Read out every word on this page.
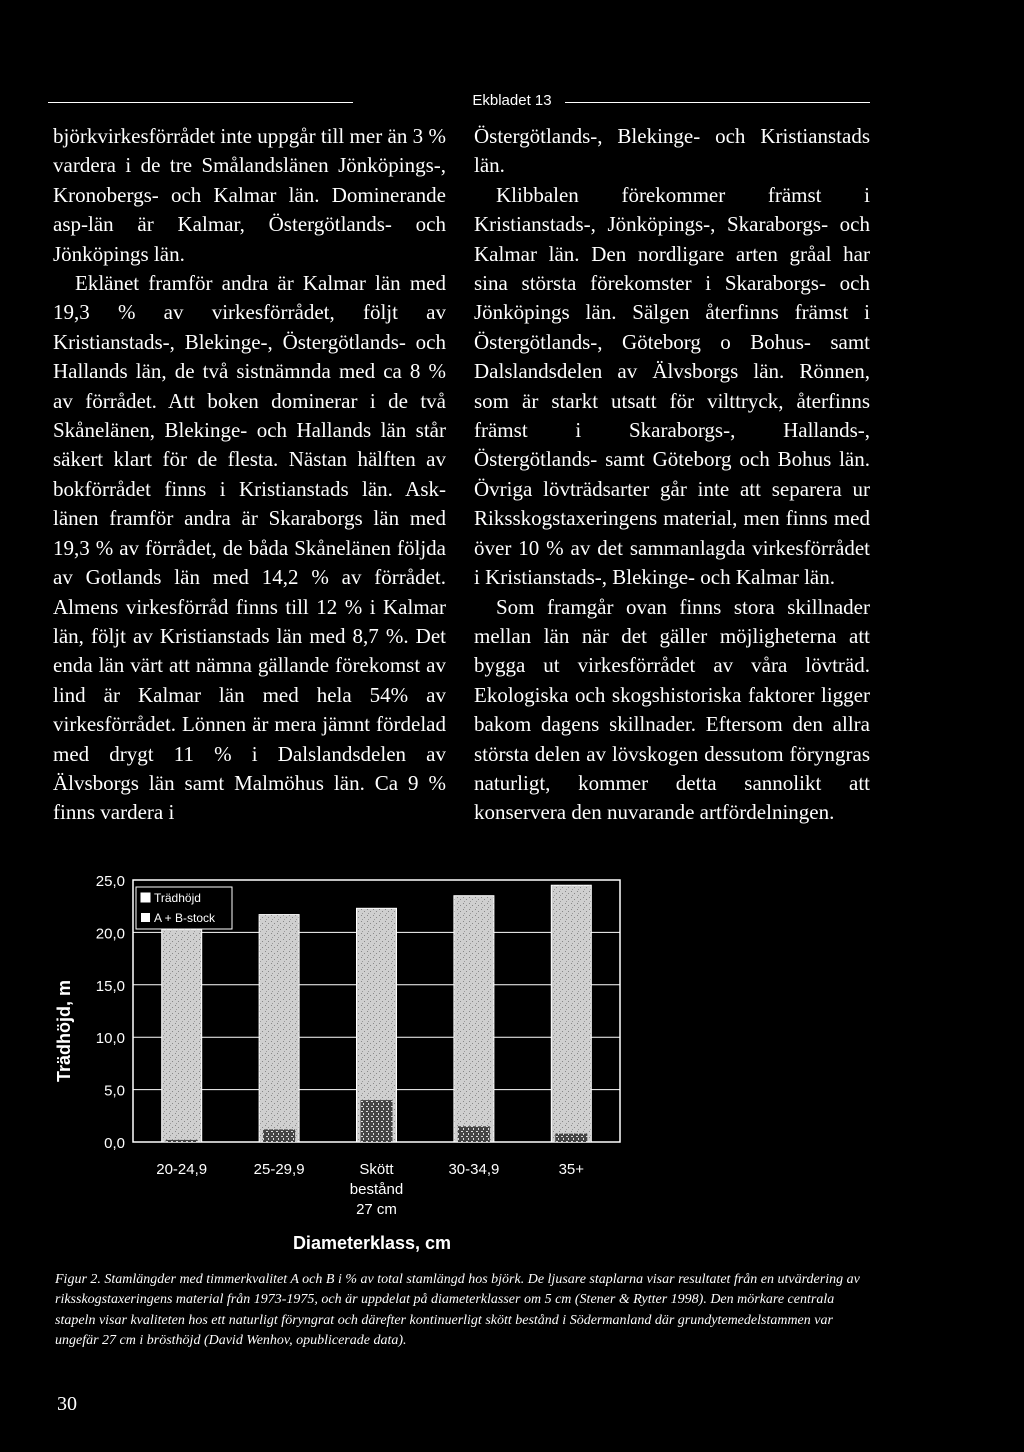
Ekbladet 13

björkvirkesförrådet inte uppgår till mer än 3 % vardera i de tre Smålandslänen Jönköpings-, Kronobergs- och Kalmar län. Dominerande asp-län är Kalmar, Östergötlands- och Jönköpings län.

Eklänet framför andra är Kalmar län med 19,3 % av virkesförrådet, följt av Kristianstads-, Blekinge-, Östergötlands- och Hallands län, de två sistnämnda med ca 8 % av förrådet. Att boken dominerar i de två Skånelänen, Blekinge- och Hallands län står säkert klart för de flesta. Nästan hälften av bokförrådet finns i Kristianstads län. Ask-länen framför andra är Skaraborgs län med 19,3 % av förrådet, de båda Skånelänen följda av Gotlands län med 14,2 % av förrådet. Almens virkesförråd finns till 12 % i Kalmar län, följt av Kristianstads län med 8,7 %. Det enda län värt att nämna gällande förekomst av lind är Kalmar län med hela 54% av virkesförrådet. Lönnen är mera jämnt fördelad med drygt 11 % i Dalslandsdelen av Älvsborgs län samt Malmöhus län. Ca 9 % finns vardera i

Östergötlands-, Blekinge- och Kristianstads län.

Klibbalen förekommer främst i Kristianstads-, Jönköpings-, Skaraborgs- och Kalmar län. Den nordligare arten gråal har sina största förekomster i Skaraborgs- och Jönköpings län. Sälgen återfinns främst i Östergötlands-, Göteborg o Bohus- samt Dalslandsdelen av Älvsborgs län. Rönnen, som är starkt utsatt för vilttryck, återfinns främst i Skaraborgs-, Hallands-, Östergötlands- samt Göteborg och Bohus län. Övriga lövträdsarter går inte att separera ur Riksskogstaxeringens material, men finns med över 10 % av det sammanlagda virkesförrådet i Kristianstads-, Blekinge- och Kalmar län.

Som framgår ovan finns stora skillnader mellan län när det gäller möjligheterna att bygga ut virkesförrådet av våra lövträd. Ekologiska och skogshistoriska faktorer ligger bakom dagens skillnader. Eftersom den allra största delen av lövskogen dessutom föryngras naturligt, kommer detta sannolikt att konservera den nuvarande artfördelningen.

0,0
5,0
10,0
15,0
20,0
25,0
Trädhöjd, m
20-24,9	25-29,9	Skött
bestånd
27 cm
30-34,9	35+
Diameterklass, cm
Trädhöjd
A + B-stock
Figur 2. Stamlängder med timmerkvalitet A och B i % av total stamlängd hos björk. De ljusare staplarna visar resultatet från en utvärdering av riksskogstaxeringens material från 1973-1975, och är uppdelat på diameterklasser om 5 cm (Stener & Rytter 1998). Den mörkare centrala stapeln visar kvaliteten hos ett naturligt föryngrat och därefter kontinuerligt skött bestånd i Södermanland där grundytemedelstammen var ungefär 27 cm i brösthöjd (David Wenhov, opublicerade data).
30
